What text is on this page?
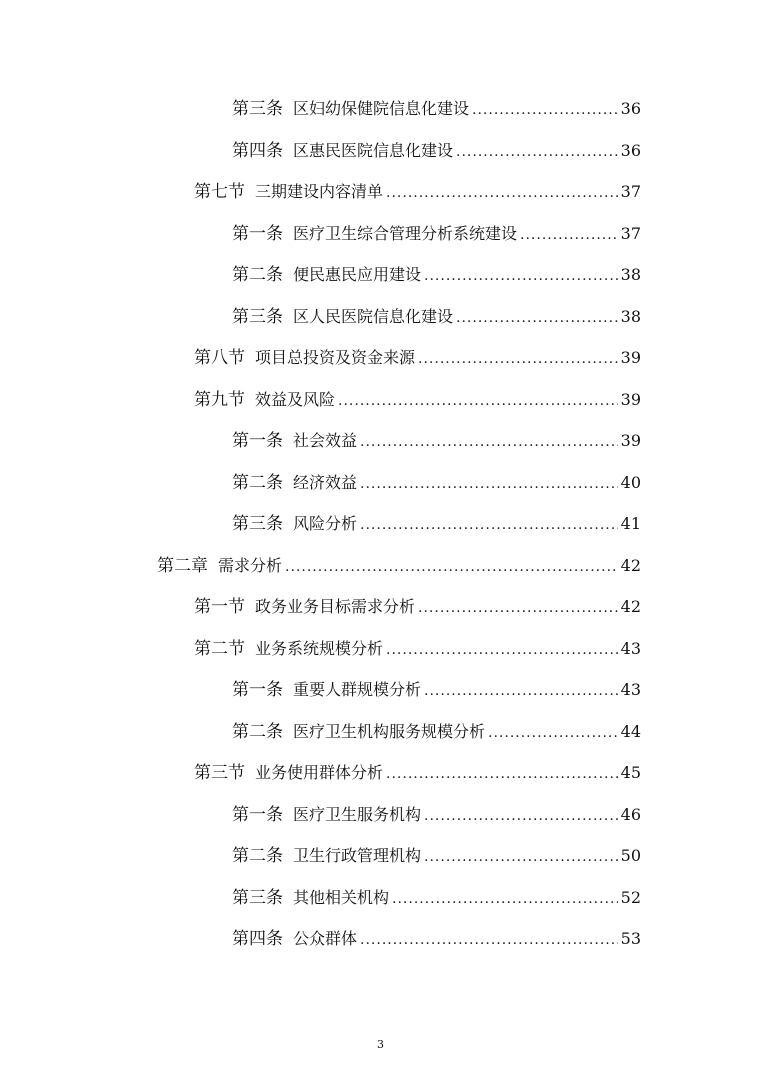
第三条 区妇幼保健院信息化建设 .....	36
第四条 区惠民医院信息化建设 .....	36
第七节 三期建设内容清单 .....	37
第一条 医疗卫生综合管理分析系统建设 .....	37
第二条 便民惠民应用建设 .....	38
第三条 区人民医院信息化建设 .....	38
第八节 项目总投资及资金来源 .....	39
第九节 效益及风险 .....	39
第一条 社会效益 .....	39
第二条 经济效益 .....	40
第三条 风险分析 .....	41
第二章 需求分析 .....	42
第一节 政务业务目标需求分析 .....	42
第二节 业务系统规模分析 .....	43
第一条 重要人群规模分析 .....	43
第二条 医疗卫生机构服务规模分析 .....	44
第三节 业务使用群体分析 .....	45
第一条 医疗卫生服务机构 .....	46
第二条 卫生行政管理机构 .....	50
第三条 其他相关机构 .....	52
第四条 公众群体 .....	53
3
